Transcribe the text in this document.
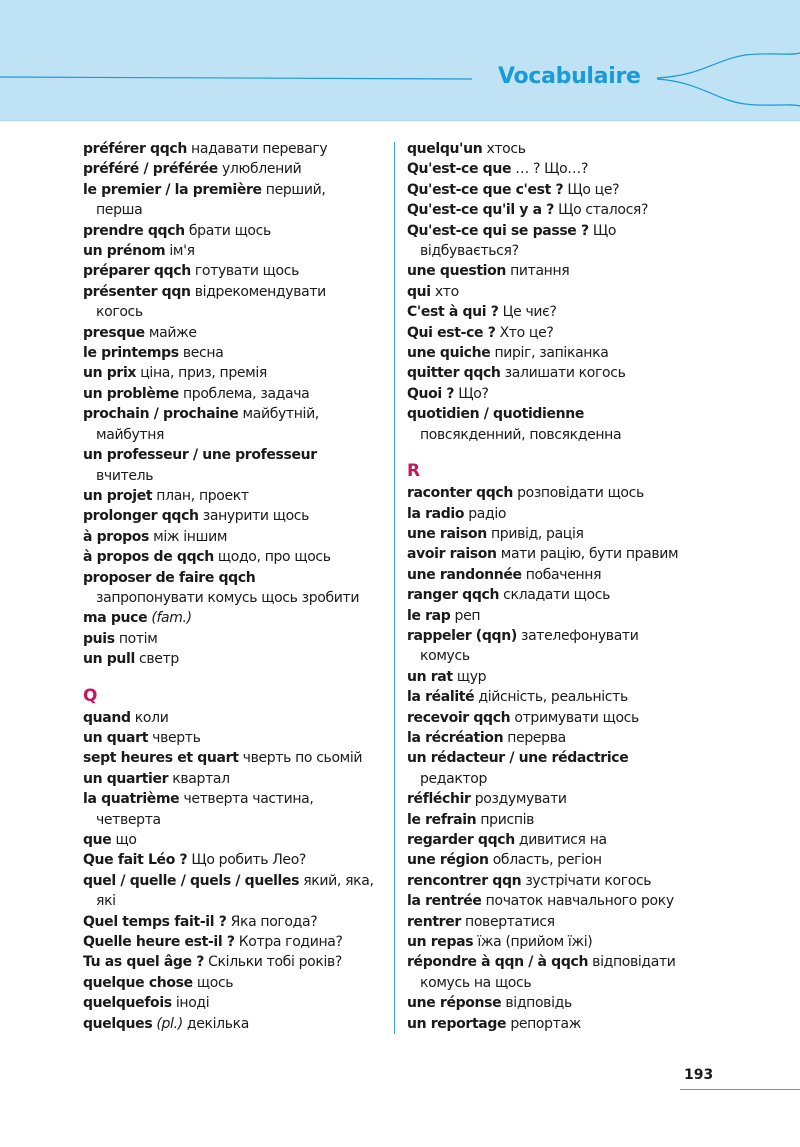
Vocabulaire
préférer qqch надавати перевагу
préféré / préférée улюблений
le premier / la première перший,
перша
prendre qqch брати щось
un prénom ім'я
préparer qqch готувати щось
présenter qqn відрекомендувати
когось
presque майже
le printemps весна
un prix ціна, приз, премія
un problème проблема, задача
prochain / prochaine майбутній,
майбутня
un professeur / une professeur
вчитель
un projet план, проект
prolonger qqch занурити щось
à propos між іншим
à propos de qqch щодо, про щось
proposer de faire qqch
запропонувати комусь щось зробити
ma puce (fam.)
puis потім
un pull светр
Q
quand коли
un quart чверть
sept heures et quart чверть по сьомій
un quartier квартал
la quatrième четверта частина,
четверта
que що
Que fait Léo ? Що робить Лео?
quel / quelle / quels / quelles який, яка,
які
Quel temps fait-il ? Яка погода?
Quelle heure est-il ? Котра година?
Tu as quel âge ? Скільки тобі років?
quelque chose щось
quelquefois іноді
quelques (pl.) декілька
quelqu'un хтось
Qu'est-ce que … ? Що…?
Qu'est-ce que c'est ? Що це?
Qu'est-ce qu'il y a ? Що сталося?
Qu'est-ce qui se passe ? Що
відбувається?
une question питання
qui хто
C'est à qui ? Це чиє?
Qui est-ce ? Хто це?
une quiche пиріг, запіканка
quitter qqch залишати когось
Quoi ? Що?
quotidien / quotidienne
повсякденний, повсякденна
R
raconter qqch розповідати щось
la radio радіо
une raison привід, рація
avoir raison мати рацію, бути правим
une randonnée побачення
ranger qqch складати щось
le rap реп
rappeler (qqn) зателефонувати
комусь
un rat щур
la réalité дійсність, реальність
recevoir qqch отримувати щось
la récréation перерва
un rédacteur / une rédactrice
редактор
réfléchir роздумувати
le refrain приспів
regarder qqch дивитися на
une région область, регіон
rencontrer qqn зустрічати когось
la rentrée початок навчального року
rentrer повертатися
un repas їжа (прийом їжі)
répondre à qqn / à qqch відповідати
комусь на щось
une réponse відповідь
un reportage репортаж
193
